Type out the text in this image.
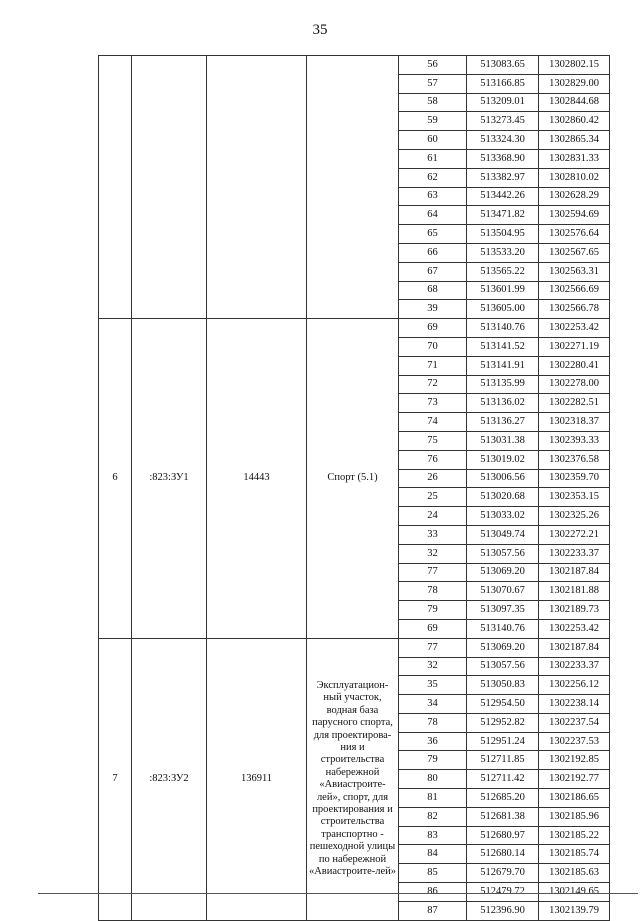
35
				56	513083.65	1302802.15
				57	513166.85	1302829.00
				58	513209.01	1302844.68
				59	513273.45	1302860.42
				60	513324.30	1302865.34
				61	513368.90	1302831.33
				62	513382.97	1302810.02
				63	513442.26	1302628.29
				64	513471.82	1302594.69
				65	513504.95	1302576.64
				66	513533.20	1302567.65
				67	513565.22	1302563.31
				68	513601.99	1302566.69
				39	513605.00	1302566.78
6	:823:ЗУ1	14443	Спорт (5.1)	69	513140.76	1302253.42
				70	513141.52	1302271.19
				71	513141.91	1302280.41
				72	513135.99	1302278.00
				73	513136.02	1302282.51
				74	513136.27	1302318.37
				75	513031.38	1302393.33
				76	513019.02	1302376.58
				26	513006.56	1302359.70
				25	513020.68	1302353.15
				24	513033.02	1302325.26
				33	513049.74	1302272.21
				32	513057.56	1302233.37
				77	513069.20	1302187.84
				78	513070.67	1302181.88
				79	513097.35	1302189.73
				69	513140.76	1302253.42
7	:823:ЗУ2	136911	Эксплуатацион-ный участок, водная база парусного спорта, для проектирова-ния и строительства набережной «Авиастроите-лей», спорт, для проектирования и строительства транспортно - пешеходной улицы по набережной «Авиастроите-лей»	77	513069.20	1302187.84
				32	513057.56	1302233.37
				35	513050.83	1302256.12
				34	512954.50	1302238.14
				78	512952.82	1302237.54
				36	512951.24	1302237.53
				79	512711.85	1302192.85
				80	512711.42	1302192.77
				81	512685.20	1302186.65
				82	512681.38	1302185.96
				83	512680.97	1302185.22
				84	512680.14	1302185.74
				85	512679.70	1302185.63
				86	512479.72	1302149.65
				87	512396.90	1302139.79
